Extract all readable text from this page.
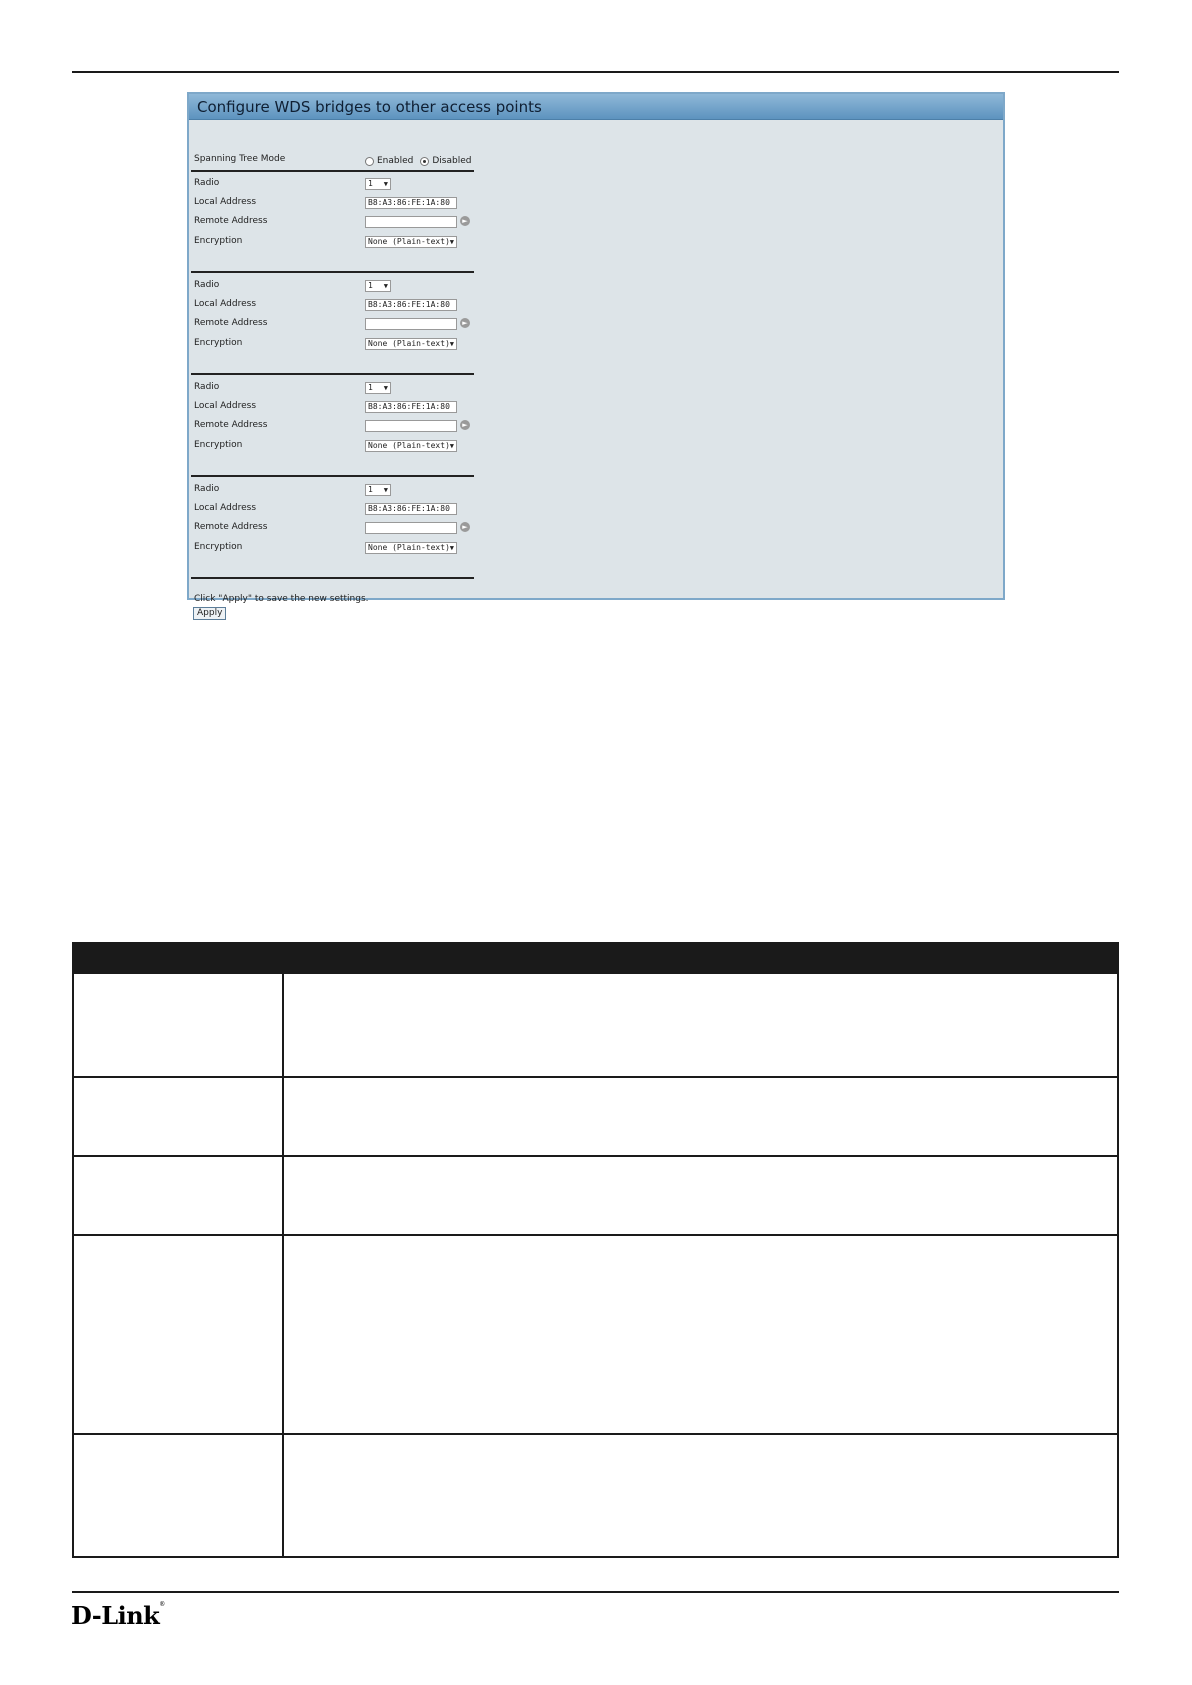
Configure WDS bridges to other access points
Spanning Tree Mode	Enabled Disabled
Radio	1 ▼
Local Address	B8:A3:86:FE:1A:80
Remote Address	►
Encryption	None (Plain-text) ▼
Radio	1 ▼
Local Address	B8:A3:86:FE:1A:80
Remote Address	►
Encryption	None (Plain-text) ▼
Radio	1 ▼
Local Address	B8:A3:86:FE:1A:80
Remote Address	►
Encryption	None (Plain-text) ▼
Radio	1 ▼
Local Address	B8:A3:86:FE:1A:80
Remote Address	►
Encryption	None (Plain-text) ▼
Click "Apply" to save the new settings.
Apply
D-Link®
